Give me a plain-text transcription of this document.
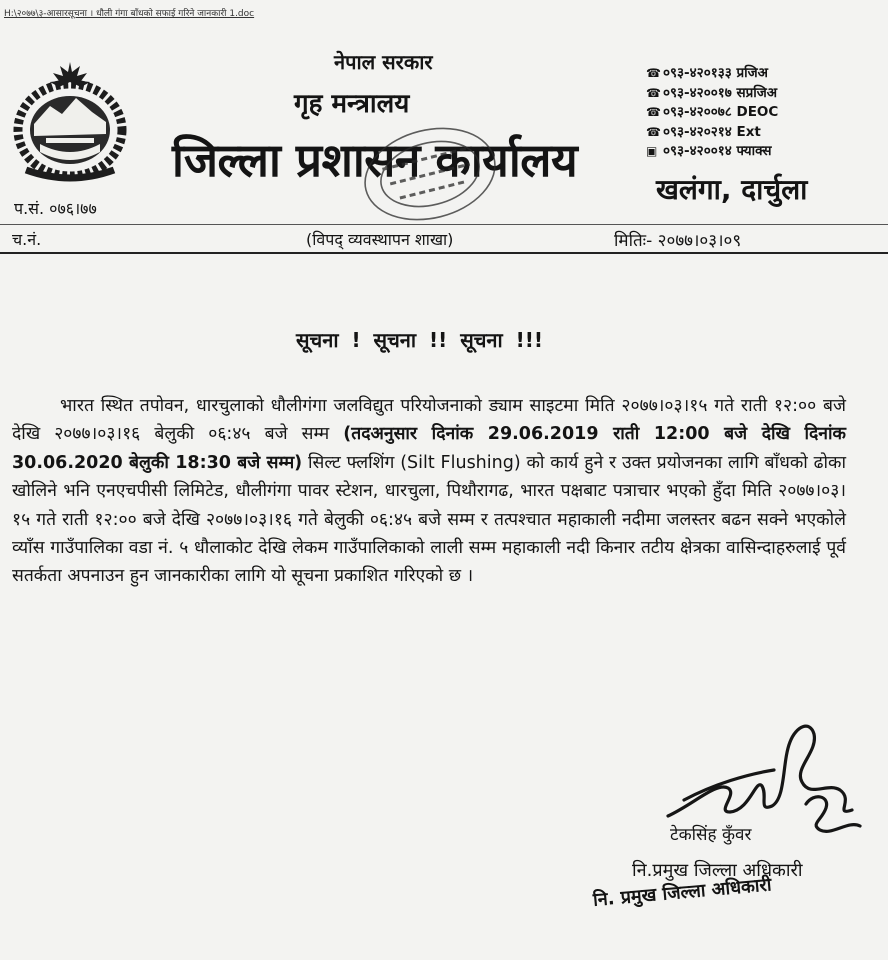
H:\२०७७\३-आसारसूचना । धौली गंगा बाँधको सफाई गरिने जानकारी 1.doc
नेपाल सरकार
गृह मन्त्रालय
जिल्ला प्रशासन कार्यालय
☎ ०९३-४२०१३३ प्रजिअ
☎ ०९३-४२००१७ सप्रजिअ
☎ ०९३-४२००७८ DEOC
☎ ०९३-४२०२१४ Ext
▣ ०९३-४२००१४ फ्याक्स
खलंगा, दार्चुला
प.सं. ०७६।७७
च.नं.	(विपद् व्यवस्थापन शाखा)	मितिः- २०७७।०३।०९
सूचना ! सूचना !! सूचना !!!
भारत स्थित तपोवन, धारचुलाको धौलीगंगा जलविद्युत परियोजनाको ड्याम साइटमा मिति २०७७।०३।१५ गते राती १२:०० बजे देखि २०७७।०३।१६ बेलुकी ०६:४५ बजे सम्म (तदअनुसार दिनांक 29.06.2019 राती 12:00 बजे देखि दिनांक 30.06.2020 बेलुकी 18:30 बजे सम्म) सिल्ट फ्लशिंग (Silt Flushing) को कार्य हुने र उक्त प्रयोजनका लागि बाँधको ढोका खोलिने भनि एनएचपीसी लिमिटेड, धौलीगंगा पावर स्टेशन, धारचुला, पिथौरागढ, भारत पक्षबाट पत्राचार भएको हुँदा मिति २०७७।०३।१५ गते राती १२:०० बजे देखि २०७७।०३।१६ गते बेलुकी ०६:४५ बजे सम्म र तत्पश्चात महाकाली नदीमा जलस्तर बढन सक्ने भएकोले व्याँस गाउँपालिका वडा नं. ५ धौलाकोट देखि लेकम गाउँपालिकाको लाली सम्म महाकाली नदी किनार तटीय क्षेत्रका वासिन्दाहरुलाई पूर्व सतर्कता अपनाउन हुन जानकारीका लागि यो सूचना प्रकाशित गरिएको छ ।
टेकसिंह कुँवर
नि.प्रमुख जिल्ला अधिकारी
नि. प्रमुख जिल्ला अधिकारी
